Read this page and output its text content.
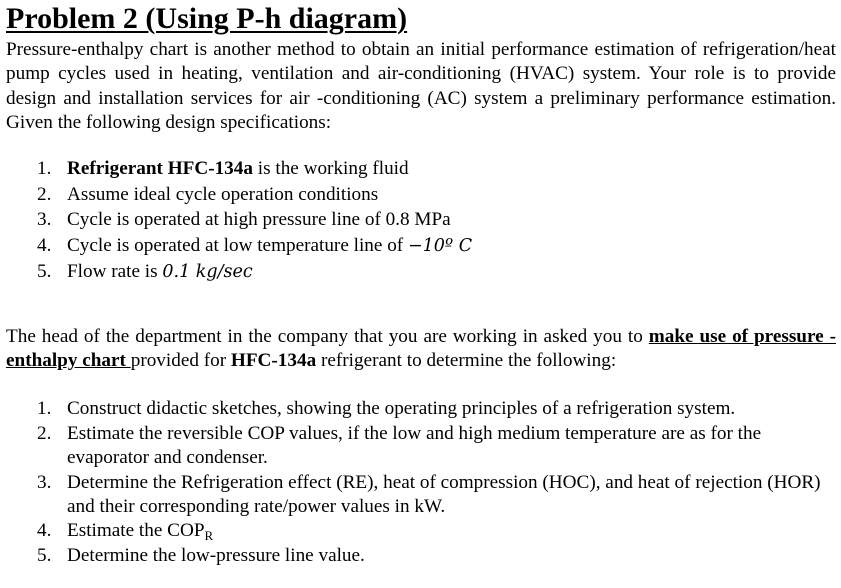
Problem 2 (Using P-h diagram)

Pressure-enthalpy chart is another method to obtain an initial performance estimation of refrigeration/heat pump cycles used in heating, ventilation and air-conditioning (HVAC) system. Your role is to provide design and installation services for air -conditioning (AC) system a preliminary performance estimation. Given the following design specifications:

1. Refrigerant HFC-134a is the working fluid
2. Assume ideal cycle operation conditions
3. Cycle is operated at high pressure line of 0.8 MPa
4. Cycle is operated at low temperature line of −10º C
5. Flow rate is 0.1 kg/sec

The head of the department in the company that you are working in asked you to make use of pressure -enthalpy chart provided for HFC-134a refrigerant to determine the following:

1. Construct didactic sketches, showing the operating principles of a refrigeration system.
2. Estimate the reversible COP values, if the low and high medium temperature are as for the evaporator and condenser.
3. Determine the Refrigeration effect (RE), heat of compression (HOC), and heat of rejection (HOR) and their corresponding rate/power values in kW.
4. Estimate the $COP_R$
5. Determine the low-pressure line value.
